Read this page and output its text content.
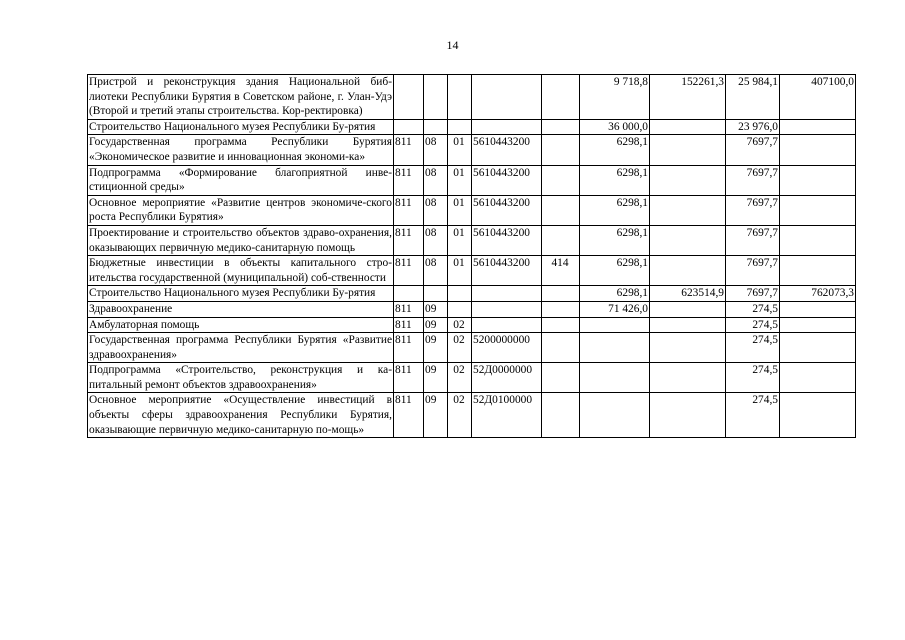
14
Пристрой и реконструкция здания Национальной биб-лиотеки Республики Бурятия в Советском районе, г. Улан-Удэ (Второй и третий этапы строительства. Кор-ректировка)						9 718,8	152261,3	25 984,1	407100,0
Строительство Национального музея Республики Бу-рятия						36 000,0		23 976,0	
Государственная программа Республики Бурятия «Экономическое развитие и инновационная экономи-ка»	811	08	01	5610443200		6298,1		7697,7	
Подпрограмма «Формирование благоприятной инве-стиционной среды»	811	08	01	5610443200		6298,1		7697,7	
Основное мероприятие «Развитие центров экономиче-ского роста Республики Бурятия»	811	08	01	5610443200		6298,1		7697,7	
Проектирование и строительство объектов здраво-охранения, оказывающих первичную медико-санитарную помощь	811	08	01	5610443200		6298,1		7697,7	
Бюджетные инвестиции в объекты капитального стро-ительства государственной (муниципальной) соб-ственности	811	08	01	5610443200	414	6298,1		7697,7	
Строительство Национального музея Республики Бу-рятия						6298,1	623514,9	7697,7	762073,3
Здравоохранение	811	09				71 426,0		274,5	
Амбулаторная помощь	811	09	02					274,5	
Государственная программа Республики Бурятия «Развитие здравоохранения»	811	09	02	5200000000				274,5	
Подпрограмма «Строительство, реконструкция и ка-питальный ремонт объектов здравоохранения»	811	09	02	52Д0000000				274,5	
Основное мероприятие «Осуществление инвестиций в объекты сферы здравоохранения Республики Бурятия, оказывающие первичную медико-санитарную по-мощь»	811	09	02	52Д0100000				274,5	
